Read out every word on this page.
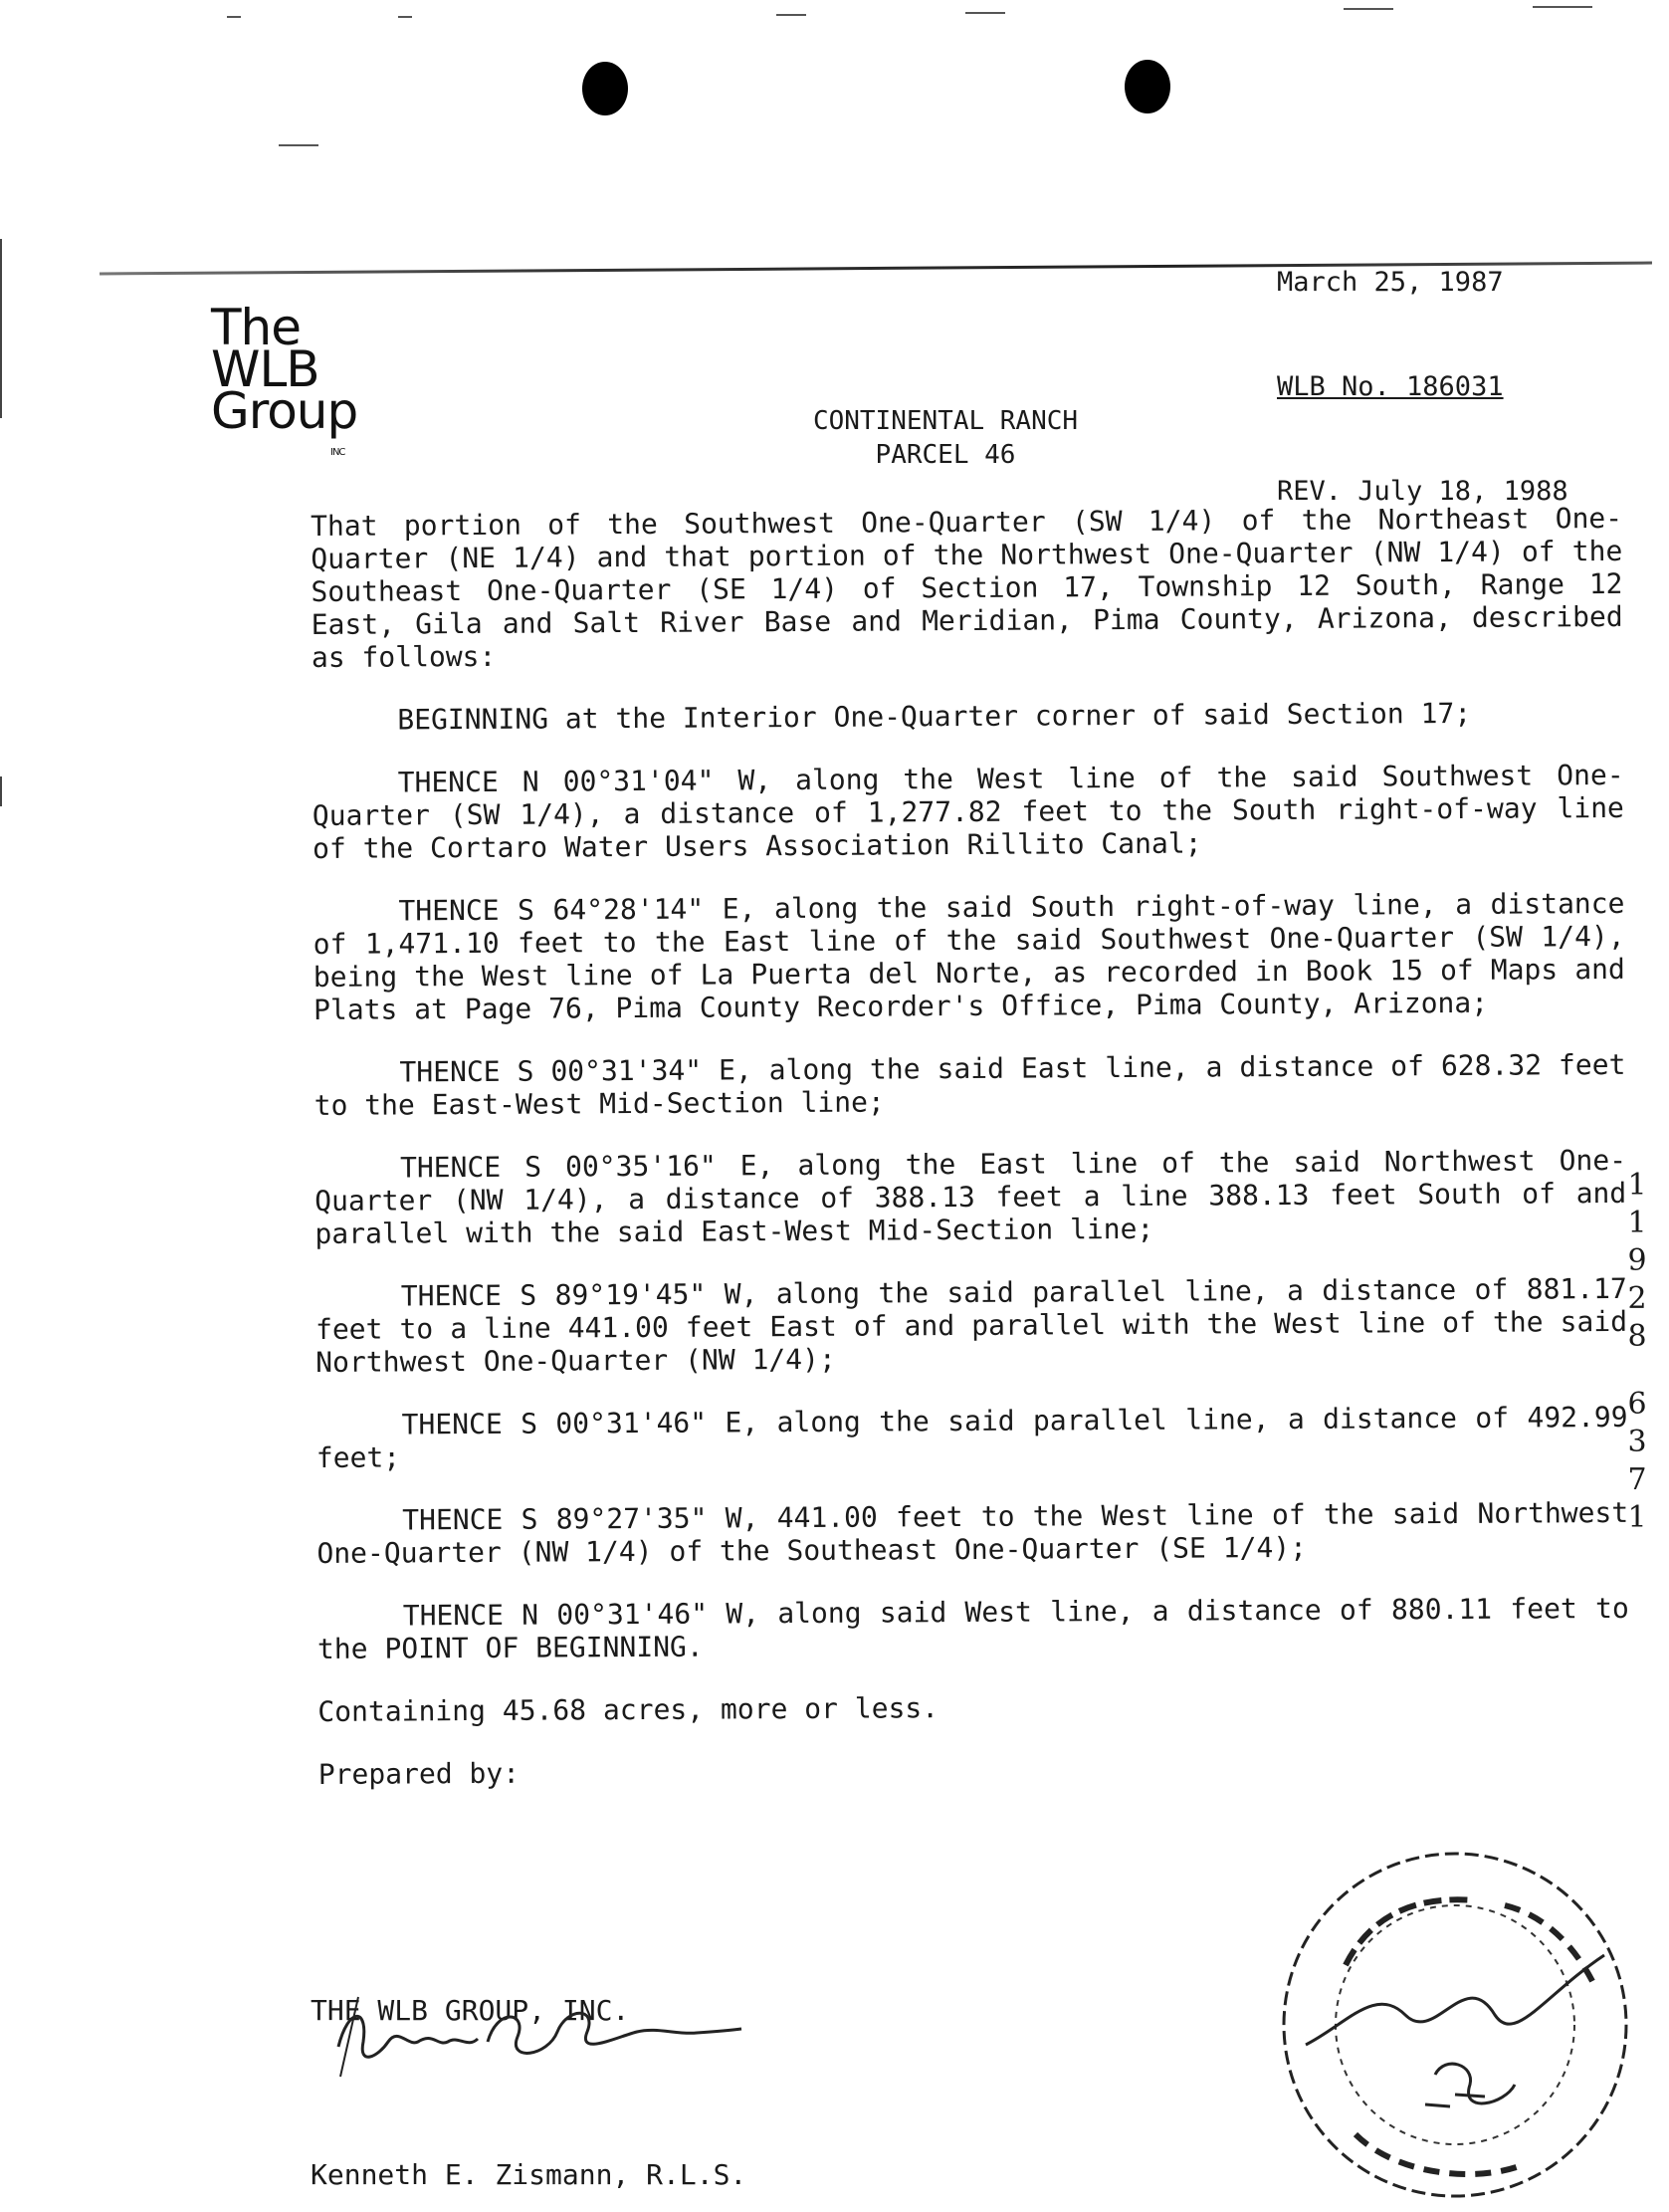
March 25, 1987

WLB No. 186031

REV. July 18, 1988

The
WLB
Group
INC
CONTINENTAL RANCH
PARCEL 46

That portion of the Southwest One-Quarter (SW 1/4) of the Northeast One-Quarter (NE 1/4) and that portion of the Northwest One-Quarter (NW 1/4) of the Southeast One-Quarter (SE 1/4) of Section 17, Township 12 South, Range 12 East, Gila and Salt River Base and Meridian, Pima County, Arizona, described as follows:

BEGINNING at the Interior One-Quarter corner of said Section 17;

THENCE N 00°31'04" W, along the West line of the said Southwest One-Quarter (SW 1/4), a distance of 1,277.82 feet to the South right-of-way line of the Cortaro Water Users Association Rillito Canal;

THENCE S 64°28'14" E, along the said South right-of-way line, a distance of 1,471.10 feet to the East line of the said Southwest One-Quarter (SW 1/4), being the West line of La Puerta del Norte, as recorded in Book 15 of Maps and Plats at Page 76, Pima County Recorder's Office, Pima County, Arizona;

THENCE S 00°31'34" E, along the said East line, a distance of 628.32 feet to the East-West Mid-Section line;

THENCE S 00°35'16" E, along the East line of the said Northwest One-Quarter (NW 1/4), a distance of 388.13 feet a line 388.13 feet South of and parallel with the said East-West Mid-Section line;

THENCE S 89°19'45" W, along the said parallel line, a distance of 881.17 feet to a line 441.00 feet East of and parallel with the West line of the said Northwest One-Quarter (NW 1/4);

THENCE S 00°31'46" E, along the said parallel line, a distance of 492.99 feet;

THENCE S 89°27'35" W, 441.00 feet to the West line of the said Northwest One-Quarter (NW 1/4) of the Southeast One-Quarter (SE 1/4);

THENCE N 00°31'46" W, along said West line, a distance of 880.11 feet to the POINT OF BEGINNING.

Containing 45.68 acres, more or less.

Prepared by:

THE WLB GROUP, INC.
Kenneth E. Zismann, R.L.S.
1
1
9
2
8
6
3
7
1
